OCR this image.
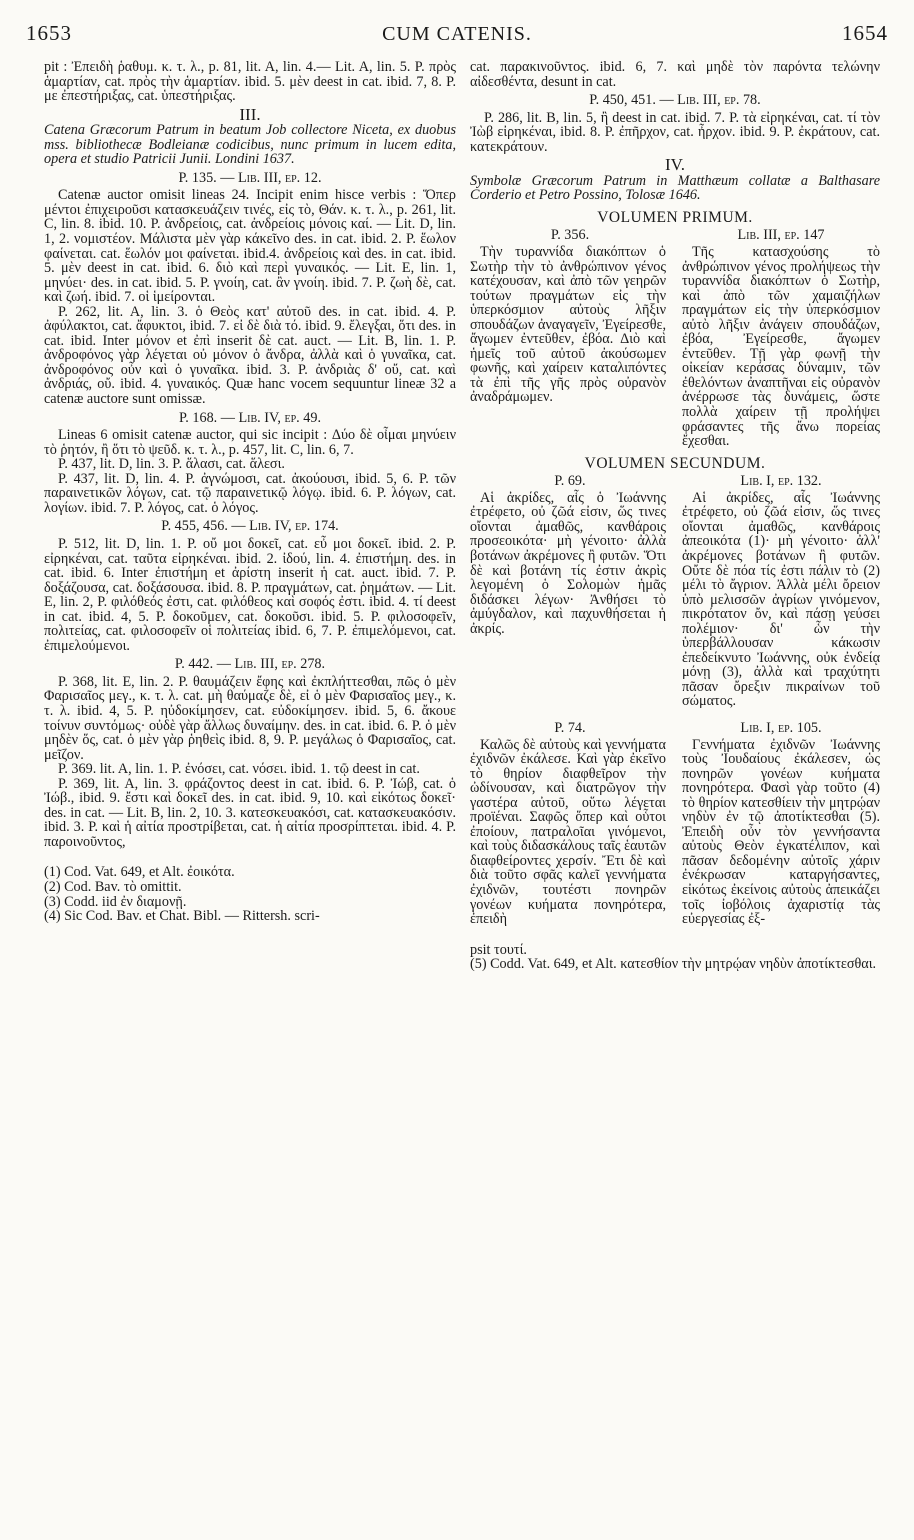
1653	CUM CATENIS.	1654

pit : Ἐπειδὴ ῥαθυμ. κ. τ. λ., p. 81, lit. A, lin. 4.— Lit. A, lin. 5. P. πρὸς ἁμαρτίαν, cat. πρὸς τὴν ἁμαρτίαν. ibid. 5. μὲν deest in cat. ibid. 7, 8. P. με ἐπεστήριξας, cat. ὑπεστήριξας.

III.

Catena Græcorum Patrum in beatum Job collectore Niceta, ex duobus mss. bibliothecæ Bodleianæ codicibus, nunc primum in lucem edita, opera et studio Patricii Junii. Londini 1637.

P. 135. — Lib. III, ep. 12.

Catenæ auctor omisit lineas 24. Incipit enim hisce verbis : Ὅπερ μέντοι ἐπιχειροῦσι κατασκευάζειν τινές, εἰς τὸ, Θάν. κ. τ. λ., p. 261, lit. C, lin. 8. ibid. 10. P. ἀνδρείοις, cat. ἀνδρείοις μόνοις καί. — Lit. D, lin. 1, 2. νομιστέον. Μάλιστα μὲν γὰρ κάκεῖνο des. in cat. ibid. 2. P. ἕωλον φαίνεται. cat. ἕωλόν μοι φαίνεται. ibid.4. ἀνδρείοις καὶ des. in cat. ibid. 5. μὲν deest in cat. ibid. 6. διὸ καὶ περὶ γυναικός. — Lit. E, lin. 1, μηνύει· des. in cat. ibid. 5. P. γνοίη, cat. ἂν γνοίη. ibid. 7. P. ζωὴ δὲ, cat. καὶ ζωή. ibid. 7. οἱ ἱμείρονται.

P. 262, lit. A, lin. 3. ὁ Θεὸς κατ' αὐτοῦ des. in cat. ibid. 4. P. ἀφύλακτοι, cat. ἄφυκτοι, ibid. 7. εἰ δὲ διὰ τό. ibid. 9. ἔλεγξαι, ὅτι des. in cat. ibid. Inter μόνον et ἐπὶ inserit δὲ cat. auct. — Lit. B, lin. 1. P. ἀνδροφόνος γὰρ λέγεται οὐ μόνον ὁ ἄνδρα, ἀλλὰ καὶ ὁ γυναῖκα, cat. ἀνδροφόνος οὖν καὶ ὁ γυναῖκα. ibid. 3. P. ἀνδριὰς δ' οὔ, cat. καὶ ἀνδριάς, οὔ. ibid. 4. γυναικός. Quæ hanc vocem sequuntur lineæ 32 a catenæ auctore sunt omissæ.

P. 168. — Lib. IV, ep. 49.

Lineas 6 omisit catenæ auctor, qui sic incipit : Δύο δὲ οἶμαι μηνύειν τὸ ῥητόν, ἢ ὅτι τὸ ψεῦδ. κ. τ. λ., p. 457, lit. C, lin. 6, 7.

P. 437, lit. D, lin. 3. P. ἅλασι, cat. ἅλεσι.

P. 437, lit. D, lin. 4. P. ἀγνώμοσι, cat. ἀκούουσι, ibid. 5, 6. P. τῶν παραινετικῶν λόγων, cat. τῷ παραινετικῷ λόγῳ. ibid. 6. P. λόγων, cat. λογίων. ibid. 7. P. λόγος, cat. ὁ λόγος.

P. 455, 456. — Lib. IV, ep. 174.

P. 512, lit. D, lin. 1. P. οὔ μοι δοκεῖ, cat. εὖ μοι δοκεῖ. ibid. 2. P. εἰρηκέναι, cat. ταῦτα εἰρηκέναι. ibid. 2. ἰδού, lin. 4. ἐπιστήμη. des. in cat. ibid. 6. Inter ἐπιστήμη et ἀρίστη inserit ἡ cat. auct. ibid. 7. P. δοξάζουσα, cat. δοξάσουσα. ibid. 8. P. πραγμάτων, cat. ῥημάτων. — Lit. E, lin. 2, P. φιλόθεός ἐστι, cat. φιλόθεος καὶ σοφός ἐστι. ibid. 4. τί deest in cat. ibid. 4, 5. P. δοκοῦμεν, cat. δοκοῦσι. ibid. 5. P. φιλοσοφεῖν, πολιτείας, cat. φιλοσοφεῖν οἱ πολιτείας ibid. 6, 7. P. ἐπιμελόμενοι, cat. ἐπιμελούμενοι.

P. 442. — Lib. III, ep. 278.

P. 368, lit. E, lin. 2. P. θαυμάζειν ἔφης καὶ ἐκπλήττεσθαι, πῶς ὁ μὲν Φαρισαῖος μεγ., κ. τ. λ. cat. μὴ θαύμαζε δὲ, εἰ ὁ μὲν Φαρισαῖος μεγ., κ. τ. λ. ibid. 4, 5. P. ηὐδοκίμησεν, cat. εὐδοκίμησεν. ibid. 5, 6. ἄκουε τοίνυν συντόμως· οὐδὲ γὰρ ἄλλως δυναίμην. des. in cat. ibid. 6. P. ὁ μὲν μηδὲν ὅς, cat. ὁ μὲν γὰρ ῥηθεὶς ibid. 8, 9. P. μεγάλως ὁ Φαρισαῖος, cat. μεῖζον.

P. 369. lit. A, lin. 1. P. ἐνόσει, cat. νόσει. ibid. 1. τῷ deest in cat.

P. 369, lit. A, lin. 3. φράζοντος deest in cat. ibid. 6. P. Ἰώβ, cat. ὁ Ἰώβ., ibid. 9. ἔστι καὶ δοκεῖ des. in cat. ibid. 9, 10. καὶ εἰκότως δοκεῖ· des. in cat. — Lit. B, lin. 2, 10. 3. κατεσκευακόσι, cat. κατασκευακόσιν. ibid. 3. P. καὶ ἡ αἰτία προστρίβεται, cat. ἡ αἰτία προσρίπτεται. ibid. 4. P. παροινοῦντος,

(1) Cod. Vat. 649, et Alt. ἐοικότα.

(2) Cod. Bav. τὸ omittit.

(3) Codd. iid ἐν διαμονῇ.

(4) Sic Cod. Bav. et Chat. Bibl. — Rittersh. scri-

cat. παρακινοῦντος. ibid. 6, 7. καὶ μηδὲ τὸν παρόντα τελώνην αἰδεσθέντα, desunt in cat.

P. 450, 451. — Lib. III, ep. 78.

P. 286, lit. B, lin. 5, ἢ deest in cat. ibid. 7. P. τὰ εἰρηκέναι, cat. τί τὸν Ἰὼβ εἰρηκέναι, ibid. 8. P. ἐπῆρχον, cat. ἦρχον. ibid. 9. P. ἐκράτουν, cat. κατεκράτουν.

IV.

Symbolæ Græcorum Patrum in Matthæum collatæ a Balthasare Corderio et Petro Possino, Tolosæ 1646.

VOLUMEN PRIMUM.
P. 356.	Lib. III, ep. 147

Τὴν τυραννίδα διακόπτων ὁ Σωτὴρ τὴν τὸ ἀνθρώπινον γένος κατέχουσαν, καὶ ἀπὸ τῶν γεηρῶν τούτων πραγμάτων εἰς τὴν ὑπερκόσμιον αὐτοὺς λῆξιν σπουδάζων ἀναγαγεῖν, Ἐγείρεσθε, ἄγωμεν ἐντεῦθεν, ἐβόα. Διὸ καὶ ἡμεῖς τοῦ αὐτοῦ ἀκούσωμεν φωνῆς, καὶ χαίρειν καταλιπόντες τὰ ἐπὶ τῆς γῆς πρὸς οὐρανὸν ἀναδράμωμεν.

Τῆς κατασχούσης τὸ ἀνθρώπινον γένος προλήψεως τὴν τυραννίδα διακόπτων ὁ Σωτὴρ, καὶ ἀπὸ τῶν χαμαιζήλων πραγμάτων εἰς τὴν ὑπερκόσμιον αὐτὸ λῆξιν ἀνάγειν σπουδάζων, ἐβόα, Ἐγείρεσθε, ἄγωμεν ἐντεῦθεν. Τῇ γὰρ φωνῇ τὴν οἰκείαν κεράσας δύναμιν, τῶν ἐθελόντων ἀναπτῆναι εἰς οὐρανὸν ἀνέρρωσε τὰς δυνάμεις, ὥστε πολλὰ χαίρειν τῇ προλήψει φράσαντες τῆς ἄνω πορείας ἔχεσθαι.

VOLUMEN SECUNDUM.
P. 69.	Lib. I, ep. 132.

Αἱ ἀκρίδες, αἷς ὁ Ἰωάννης ἐτρέφετο, οὐ ζῶά εἰσιν, ὥς τινες οἴονται ἀμαθῶς, κανθάροις προσεοικότα· μὴ γένοιτο· ἀλλὰ βοτάνων ἀκρέμονες ἢ φυτῶν. Ὅτι δὲ καὶ βοτάνη τίς ἐστιν ἀκρὶς λεγομένη ὁ Σολομὼν ἡμᾶς διδάσκει λέγων· Ἀνθήσει τὸ ἀμύγδαλον, καὶ παχυνθήσεται ἡ ἀκρίς.

Αἱ ἀκρίδες, αἷς Ἰωάννης ἐτρέφετο, οὐ ζῶά εἰσιν, ὥς τινες οἴονται ἀμαθῶς, κανθάροις ἀπεοικότα (1)· μὴ γένοιτο· ἀλλ' ἀκρέμονες βοτάνων ἢ φυτῶν. Οὔτε δὲ πόα τίς ἐστι πάλιν τὸ (2) μέλι τὸ ἄγριον. Ἀλλὰ μέλι ὄρειον ὑπὸ μελισσῶν ἀγρίων γινόμενον, πικρότατον ὄν, καὶ πάσῃ γεύσει πολέμιον· δι' ὧν τὴν ὑπερβάλλουσαν κάκωσιν ἐπεδείκνυτο Ἰωάννης, οὐκ ἐνδείᾳ μόνῃ (3), ἀλλὰ καὶ τραχύτητι πᾶσαν ὄρεξιν πικραίνων τοῦ σώματος.

P. 74.	Lib. I, ep. 105.

Καλῶς δὲ αὐτοὺς καὶ γεννήματα ἐχιδνῶν ἐκάλεσε. Καὶ γὰρ ἐκεῖνο τὸ θηρίον διαφθεῖρον τὴν ὠδίνουσαν, καὶ διατρῶγον τὴν γαστέρα αὐτοῦ, οὕτω λέγεται προϊέναι. Σαφῶς ὅπερ καὶ οὗτοι ἐποίουν, πατραλοῖαι γινόμενοι, καὶ τοὺς διδασκάλους ταῖς ἑαυτῶν διαφθείροντες χερσίν. Ἔτι δὲ καὶ διὰ τοῦτο σφᾶς καλεῖ γεννήματα ἐχιδνῶν, τουτέστι πονηρῶν γονέων κυήματα πονηρότερα, ἐπειδὴ

Γεννήματα ἐχιδνῶν Ἰωάννης τοὺς Ἰουδαίους ἐκάλεσεν, ὡς πονηρῶν γονέων κυήματα πονηρότερα. Φασὶ γὰρ τοῦτο (4) τὸ θηρίον κατεσθίειν τὴν μητρῴαν νηδὺν ἐν τῷ ἀποτίκτεσθαι (5). Ἐπειδὴ οὖν τὸν γεννήσαντα αὐτοὺς Θεὸν ἐγκατέλιπον, καὶ πᾶσαν δεδομένην αὐτοῖς χάριν ἐνέκρωσαν καταργήσαντες, εἰκότως ἐκείνοις αὐτοὺς ἀπεικάζει τοῖς ἰοβόλοις ἀχαριστίᾳ τὰς εὐεργεσίας ἐξ-

psit τουτί.

(5) Codd. Vat. 649, et Alt. κατεσθίον τὴν μητρῴαν νηδὺν ἀποτίκτεσθαι.
